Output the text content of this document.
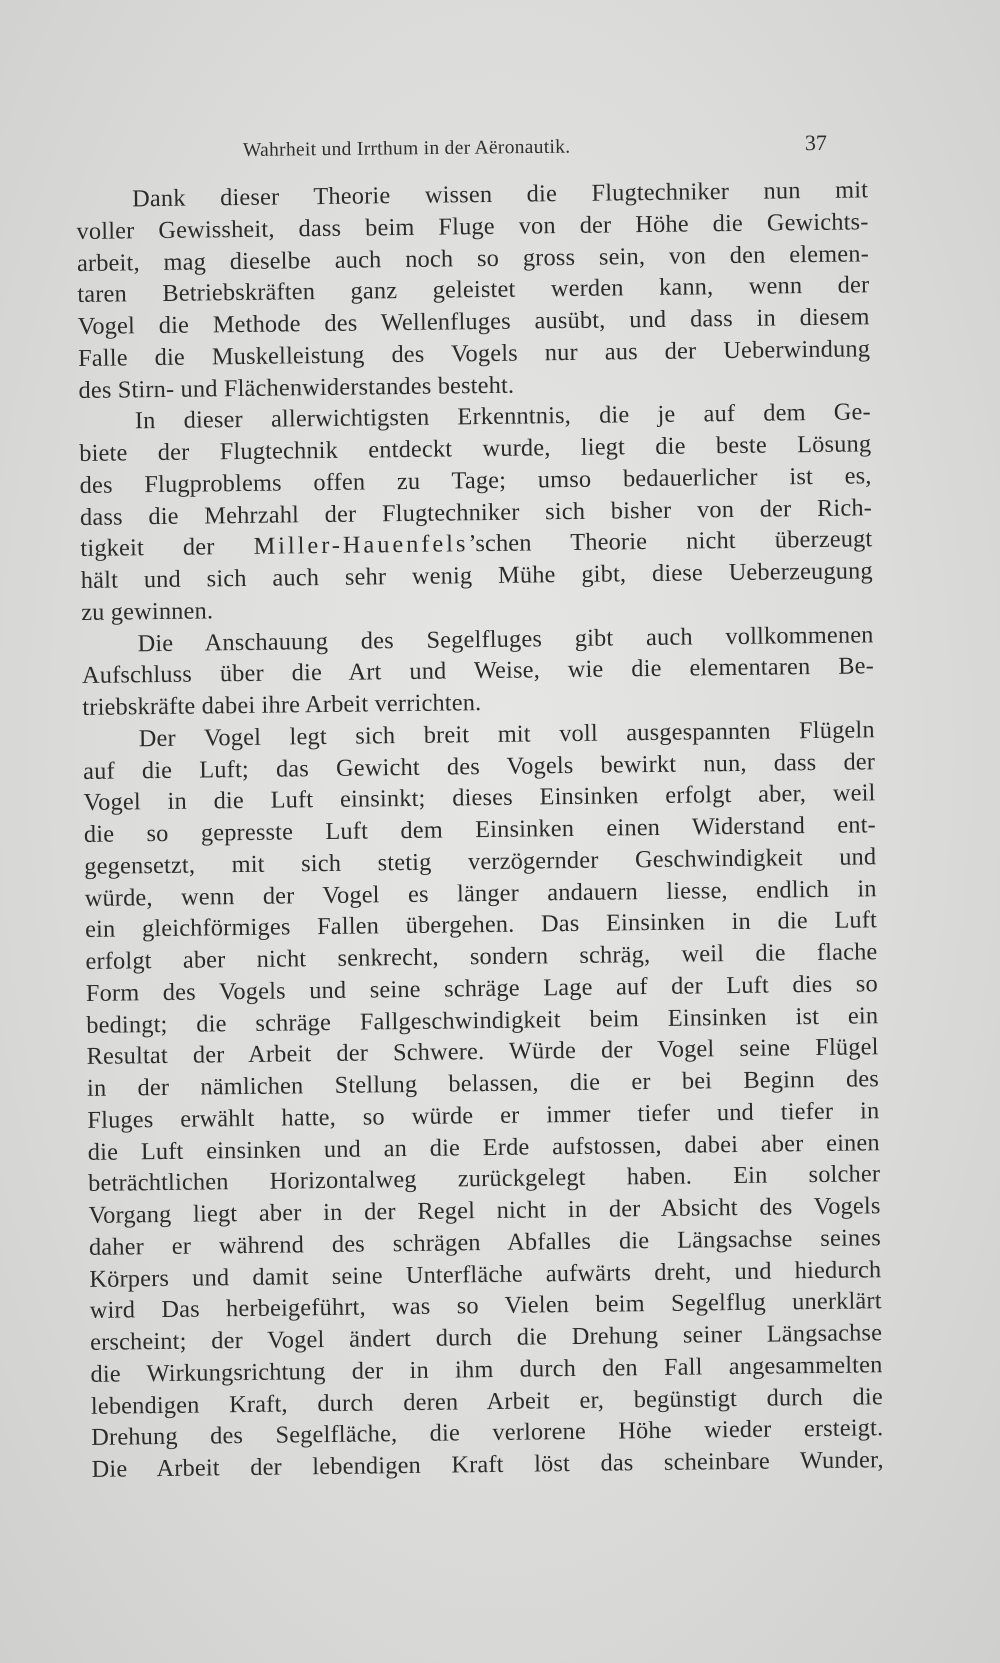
Wahrheit und Irrthum in der Aëronautik.	37
Dank dieser Theorie wissen die Flugtechniker nun mit
voller Gewissheit, dass beim Fluge von der Höhe die Gewichts-
arbeit, mag dieselbe auch noch so gross sein, von den elemen-
taren Betriebskräften ganz geleistet werden kann, wenn der
Vogel die Methode des Wellenfluges ausübt, und dass in diesem
Falle die Muskelleistung des Vogels nur aus der Ueberwindung
des Stirn- und Flächenwiderstandes besteht.
In dieser allerwichtigsten Erkenntnis, die je auf dem Ge-
biete der Flugtechnik entdeckt wurde, liegt die beste Lösung
des Flugproblems offen zu Tage; umso bedauerlicher ist es,
dass die Mehrzahl der Flugtechniker sich bisher von der Rich-
tigkeit der Miller-Hauenfels’schen Theorie nicht überzeugt
hält und sich auch sehr wenig Mühe gibt, diese Ueberzeugung
zu gewinnen.
Die Anschauung des Segelfluges gibt auch vollkommenen
Aufschluss über die Art und Weise, wie die elementaren Be-
triebskräfte dabei ihre Arbeit verrichten.
Der Vogel legt sich breit mit voll ausgespannten Flügeln
auf die Luft; das Gewicht des Vogels bewirkt nun, dass der
Vogel in die Luft einsinkt; dieses Einsinken erfolgt aber, weil
die so gepresste Luft dem Einsinken einen Widerstand ent-
gegensetzt, mit sich stetig verzögernder Geschwindigkeit und
würde, wenn der Vogel es länger andauern liesse, endlich in
ein gleichförmiges Fallen übergehen. Das Einsinken in die Luft
erfolgt aber nicht senkrecht, sondern schräg, weil die flache
Form des Vogels und seine schräge Lage auf der Luft dies so
bedingt; die schräge Fallgeschwindigkeit beim Einsinken ist ein
Resultat der Arbeit der Schwere. Würde der Vogel seine Flügel
in der nämlichen Stellung belassen, die er bei Beginn des
Fluges erwählt hatte, so würde er immer tiefer und tiefer in
die Luft einsinken und an die Erde aufstossen, dabei aber einen
beträchtlichen Horizontalweg zurückgelegt haben. Ein solcher
Vorgang liegt aber in der Regel nicht in der Absicht des Vogels
daher er während des schrägen Abfalles die Längsachse seines
Körpers und damit seine Unterfläche aufwärts dreht, und hiedurch
wird Das herbeigeführt, was so Vielen beim Segelflug unerklärt
erscheint; der Vogel ändert durch die Drehung seiner Längsachse
die Wirkungsrichtung der in ihm durch den Fall angesammelten
lebendigen Kraft, durch deren Arbeit er, begünstigt durch die
Drehung des Segelfläche, die verlorene Höhe wieder ersteigt.
Die Arbeit der lebendigen Kraft löst das scheinbare Wunder,
